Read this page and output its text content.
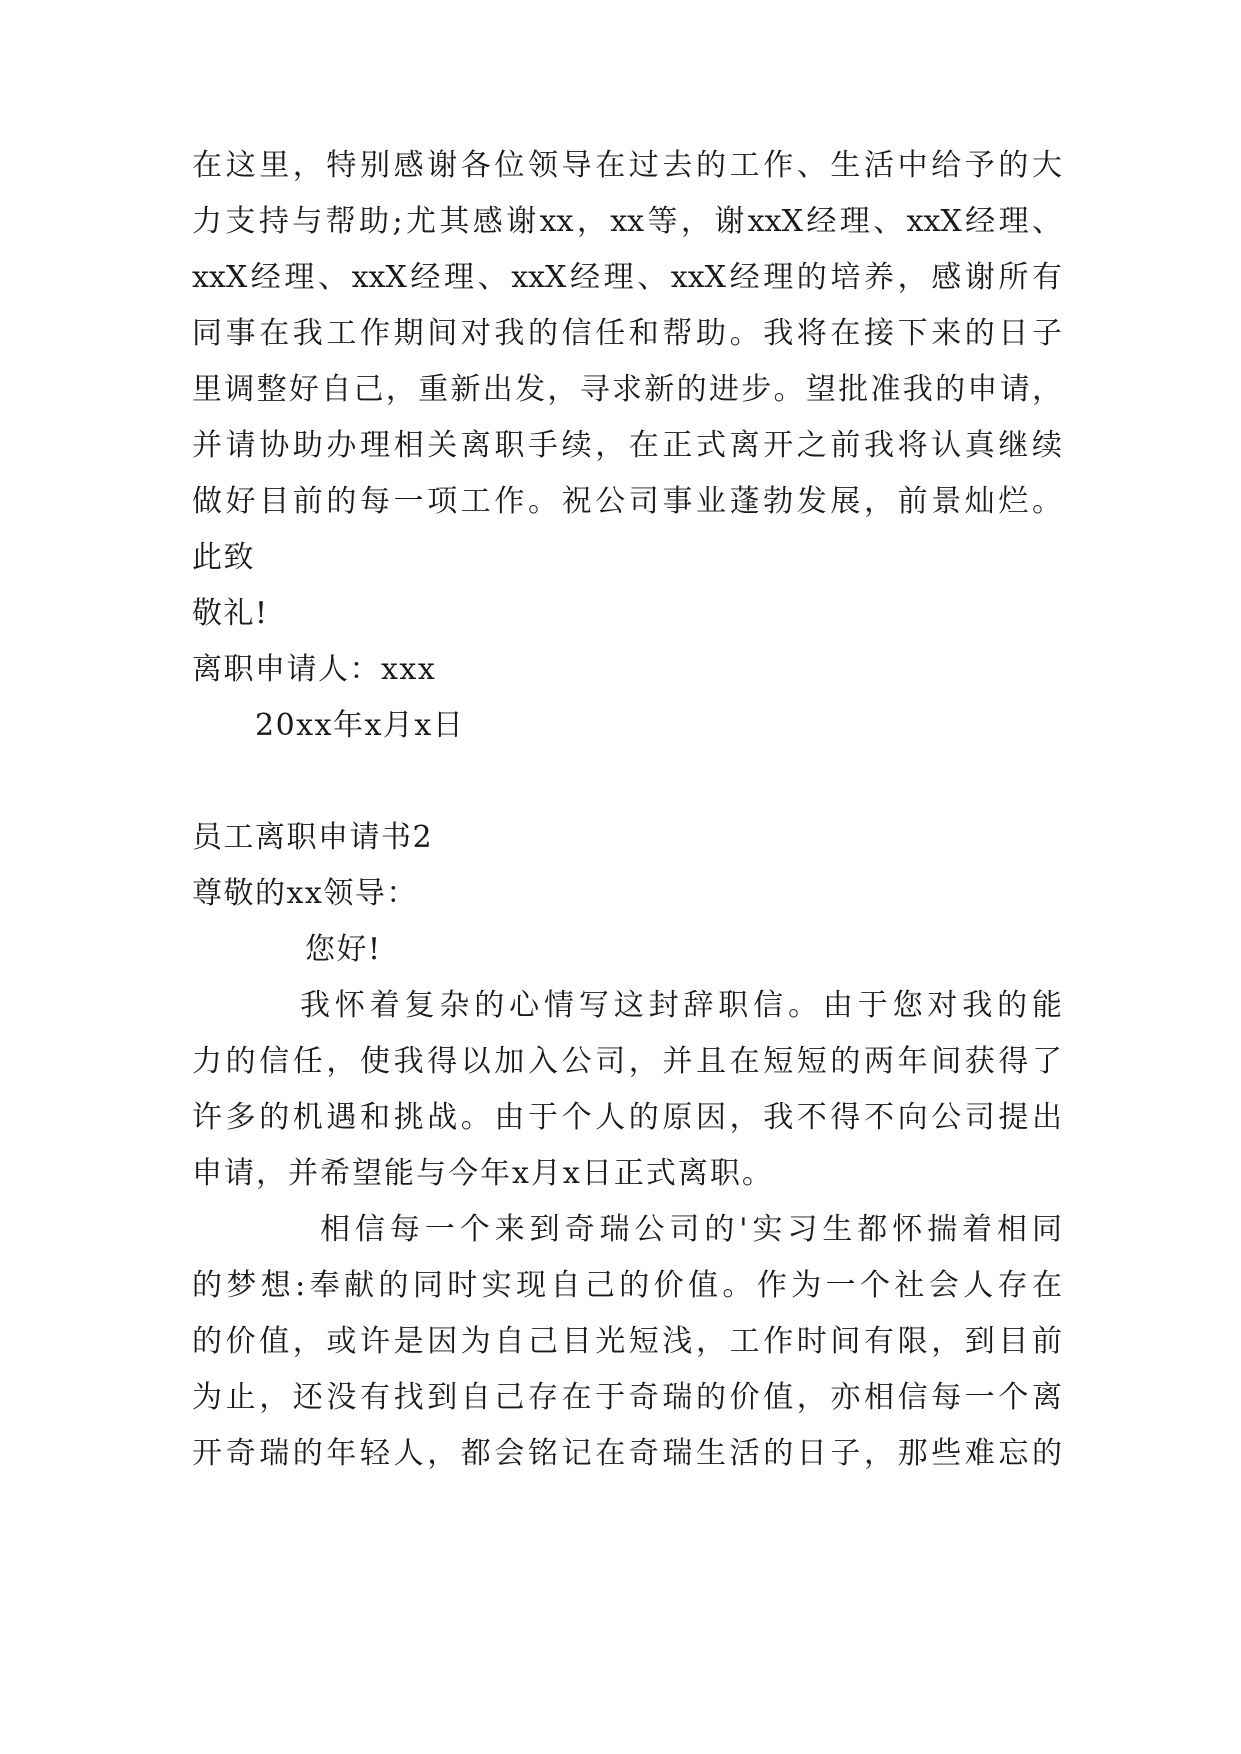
在这里，特别感谢各位领导在过去的工作、生活中给予的大
力支持与帮助;尤其感谢xx，xx等，谢xxX经理、xxX经理、
xxX经理、xxX经理、xxX经理、xxX经理的培养，感谢所有
同事在我工作期间对我的信任和帮助。我将在接下来的日子
里调整好自己，重新出发，寻求新的进步。望批准我的申请，
并请协助办理相关离职手续，在正式离开之前我将认真继续
做好目前的每一项工作。祝公司事业蓬勃发展，前景灿烂。
此致
敬礼!
离职申请人：xxx
20xx年x月x日
员工离职申请书2
尊敬的xx领导：
您好!
我怀着复杂的心情写这封辞职信。由于您对我的能
力的信任，使我得以加入公司，并且在短短的两年间获得了
许多的机遇和挑战。由于个人的原因，我不得不向公司提出
申请，并希望能与今年x月x日正式离职。
相信每一个来到奇瑞公司的'实习生都怀揣着相同
的梦想:奉献的同时实现自己的价值。作为一个社会人存在
的价值，或许是因为自己目光短浅，工作时间有限，到目前
为止，还没有找到自己存在于奇瑞的价值，亦相信每一个离
开奇瑞的年轻人，都会铭记在奇瑞生活的日子，那些难忘的
